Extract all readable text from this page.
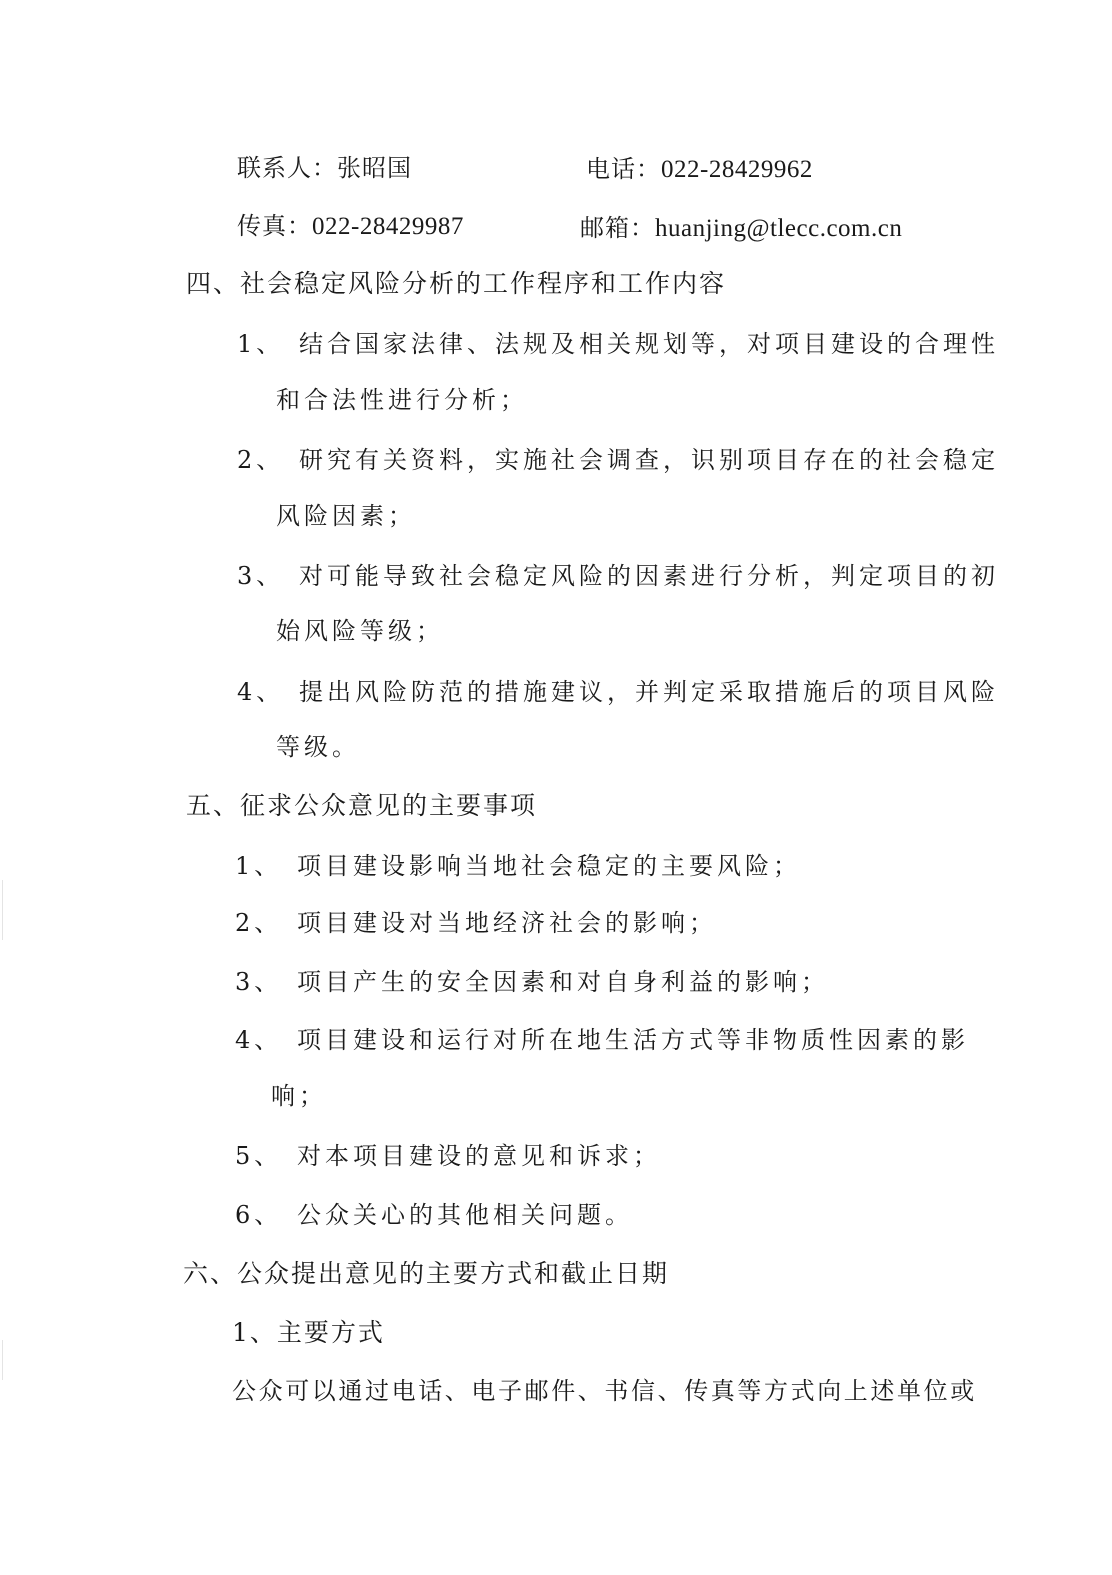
联系人：张昭国	电话：022-28429962
传真：022-28429987	邮箱：huanjing@tlecc.com.cn
四、社会稳定风险分析的工作程序和工作内容
1、 结合国家法律、法规及相关规划等，对项目建设的合理性
和合法性进行分析；
2、 研究有关资料，实施社会调查，识别项目存在的社会稳定
风险因素；
3、 对可能导致社会稳定风险的因素进行分析，判定项目的初
始风险等级；
4、 提出风险防范的措施建议，并判定采取措施后的项目风险
等级。
五、征求公众意见的主要事项
1、 项目建设影响当地社会稳定的主要风险；
2、 项目建设对当地经济社会的影响；
3、 项目产生的安全因素和对自身利益的影响；
4、 项目建设和运行对所在地生活方式等非物质性因素的影
响；
5、 对本项目建设的意见和诉求；
6、 公众关心的其他相关问题。
六、公众提出意见的主要方式和截止日期
1、主要方式
公众可以通过电话、电子邮件、书信、传真等方式向上述单位或
